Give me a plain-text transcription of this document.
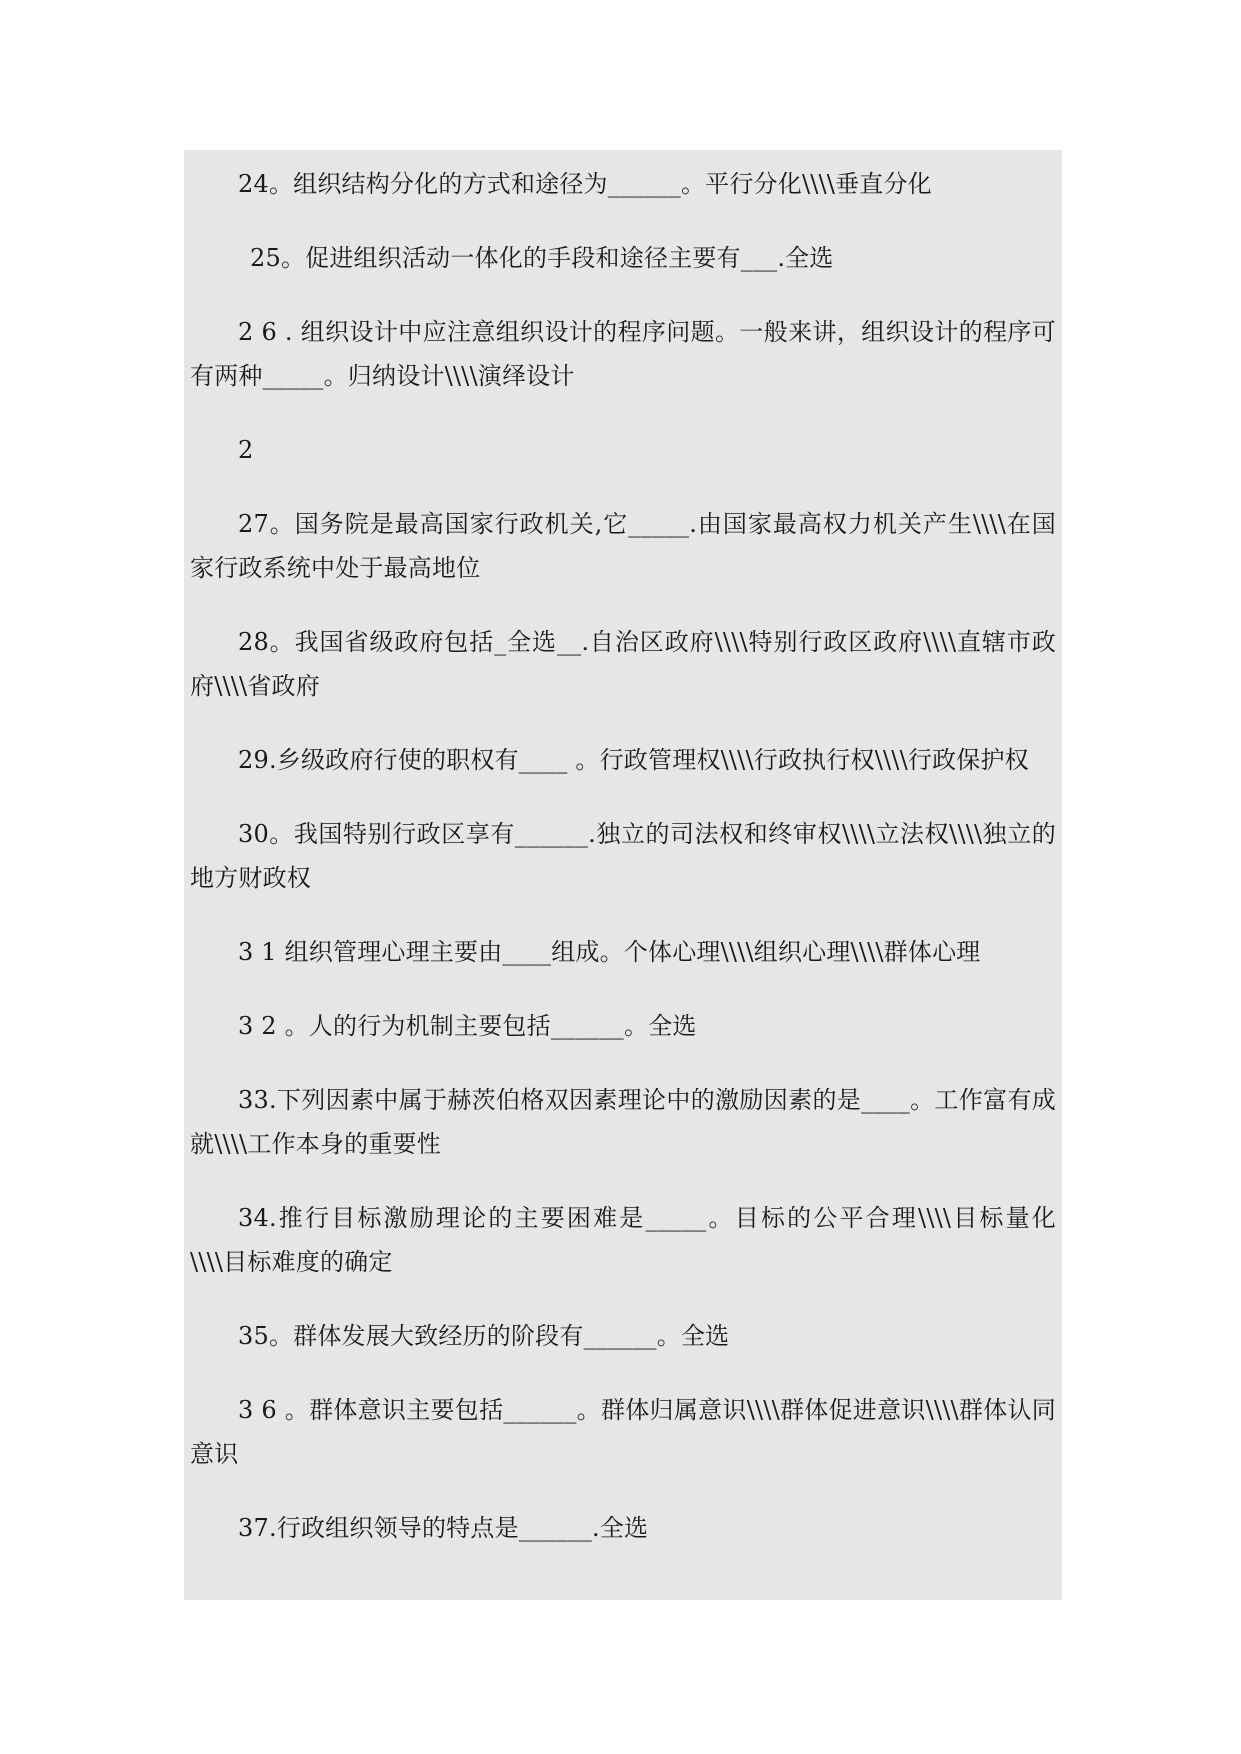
24。组织结构分化的方式和途径为______。平行分化\\\\垂直分化

25。促进组织活动一体化的手段和途径主要有___.全选

2 6 . 组织设计中应注意组织设计的程序问题。一般来讲，组织设计的程序可有两种_____。归纳设计\\\\演绎设计

2

27。国务院是最高国家行政机关,它_____.由国家最高权力机关产生\\\\在国家行政系统中处于最高地位

28。我国省级政府包括_全选__.自治区政府\\\\特别行政区政府\\\\直辖市政府\\\\省政府

29.乡级政府行使的职权有____ 。行政管理权\\\\行政执行权\\\\行政保护权

30。我国特别行政区享有______.独立的司法权和终审权\\\\立法权\\\\独立的地方财政权

3 1 组织管理心理主要由____组成。个体心理\\\\组织心理\\\\群体心理

3 2 。人的行为机制主要包括______。全选

33.下列因素中属于赫茨伯格双因素理论中的激励因素的是____。工作富有成就\\\\工作本身的重要性

34.推行目标激励理论的主要困难是_____。目标的公平合理\\\\目标量化\\\\目标难度的确定

35。群体发展大致经历的阶段有______。全选

3 6 。群体意识主要包括______。群体归属意识\\\\群体促进意识\\\\群体认同意识

37.行政组织领导的特点是______.全选
